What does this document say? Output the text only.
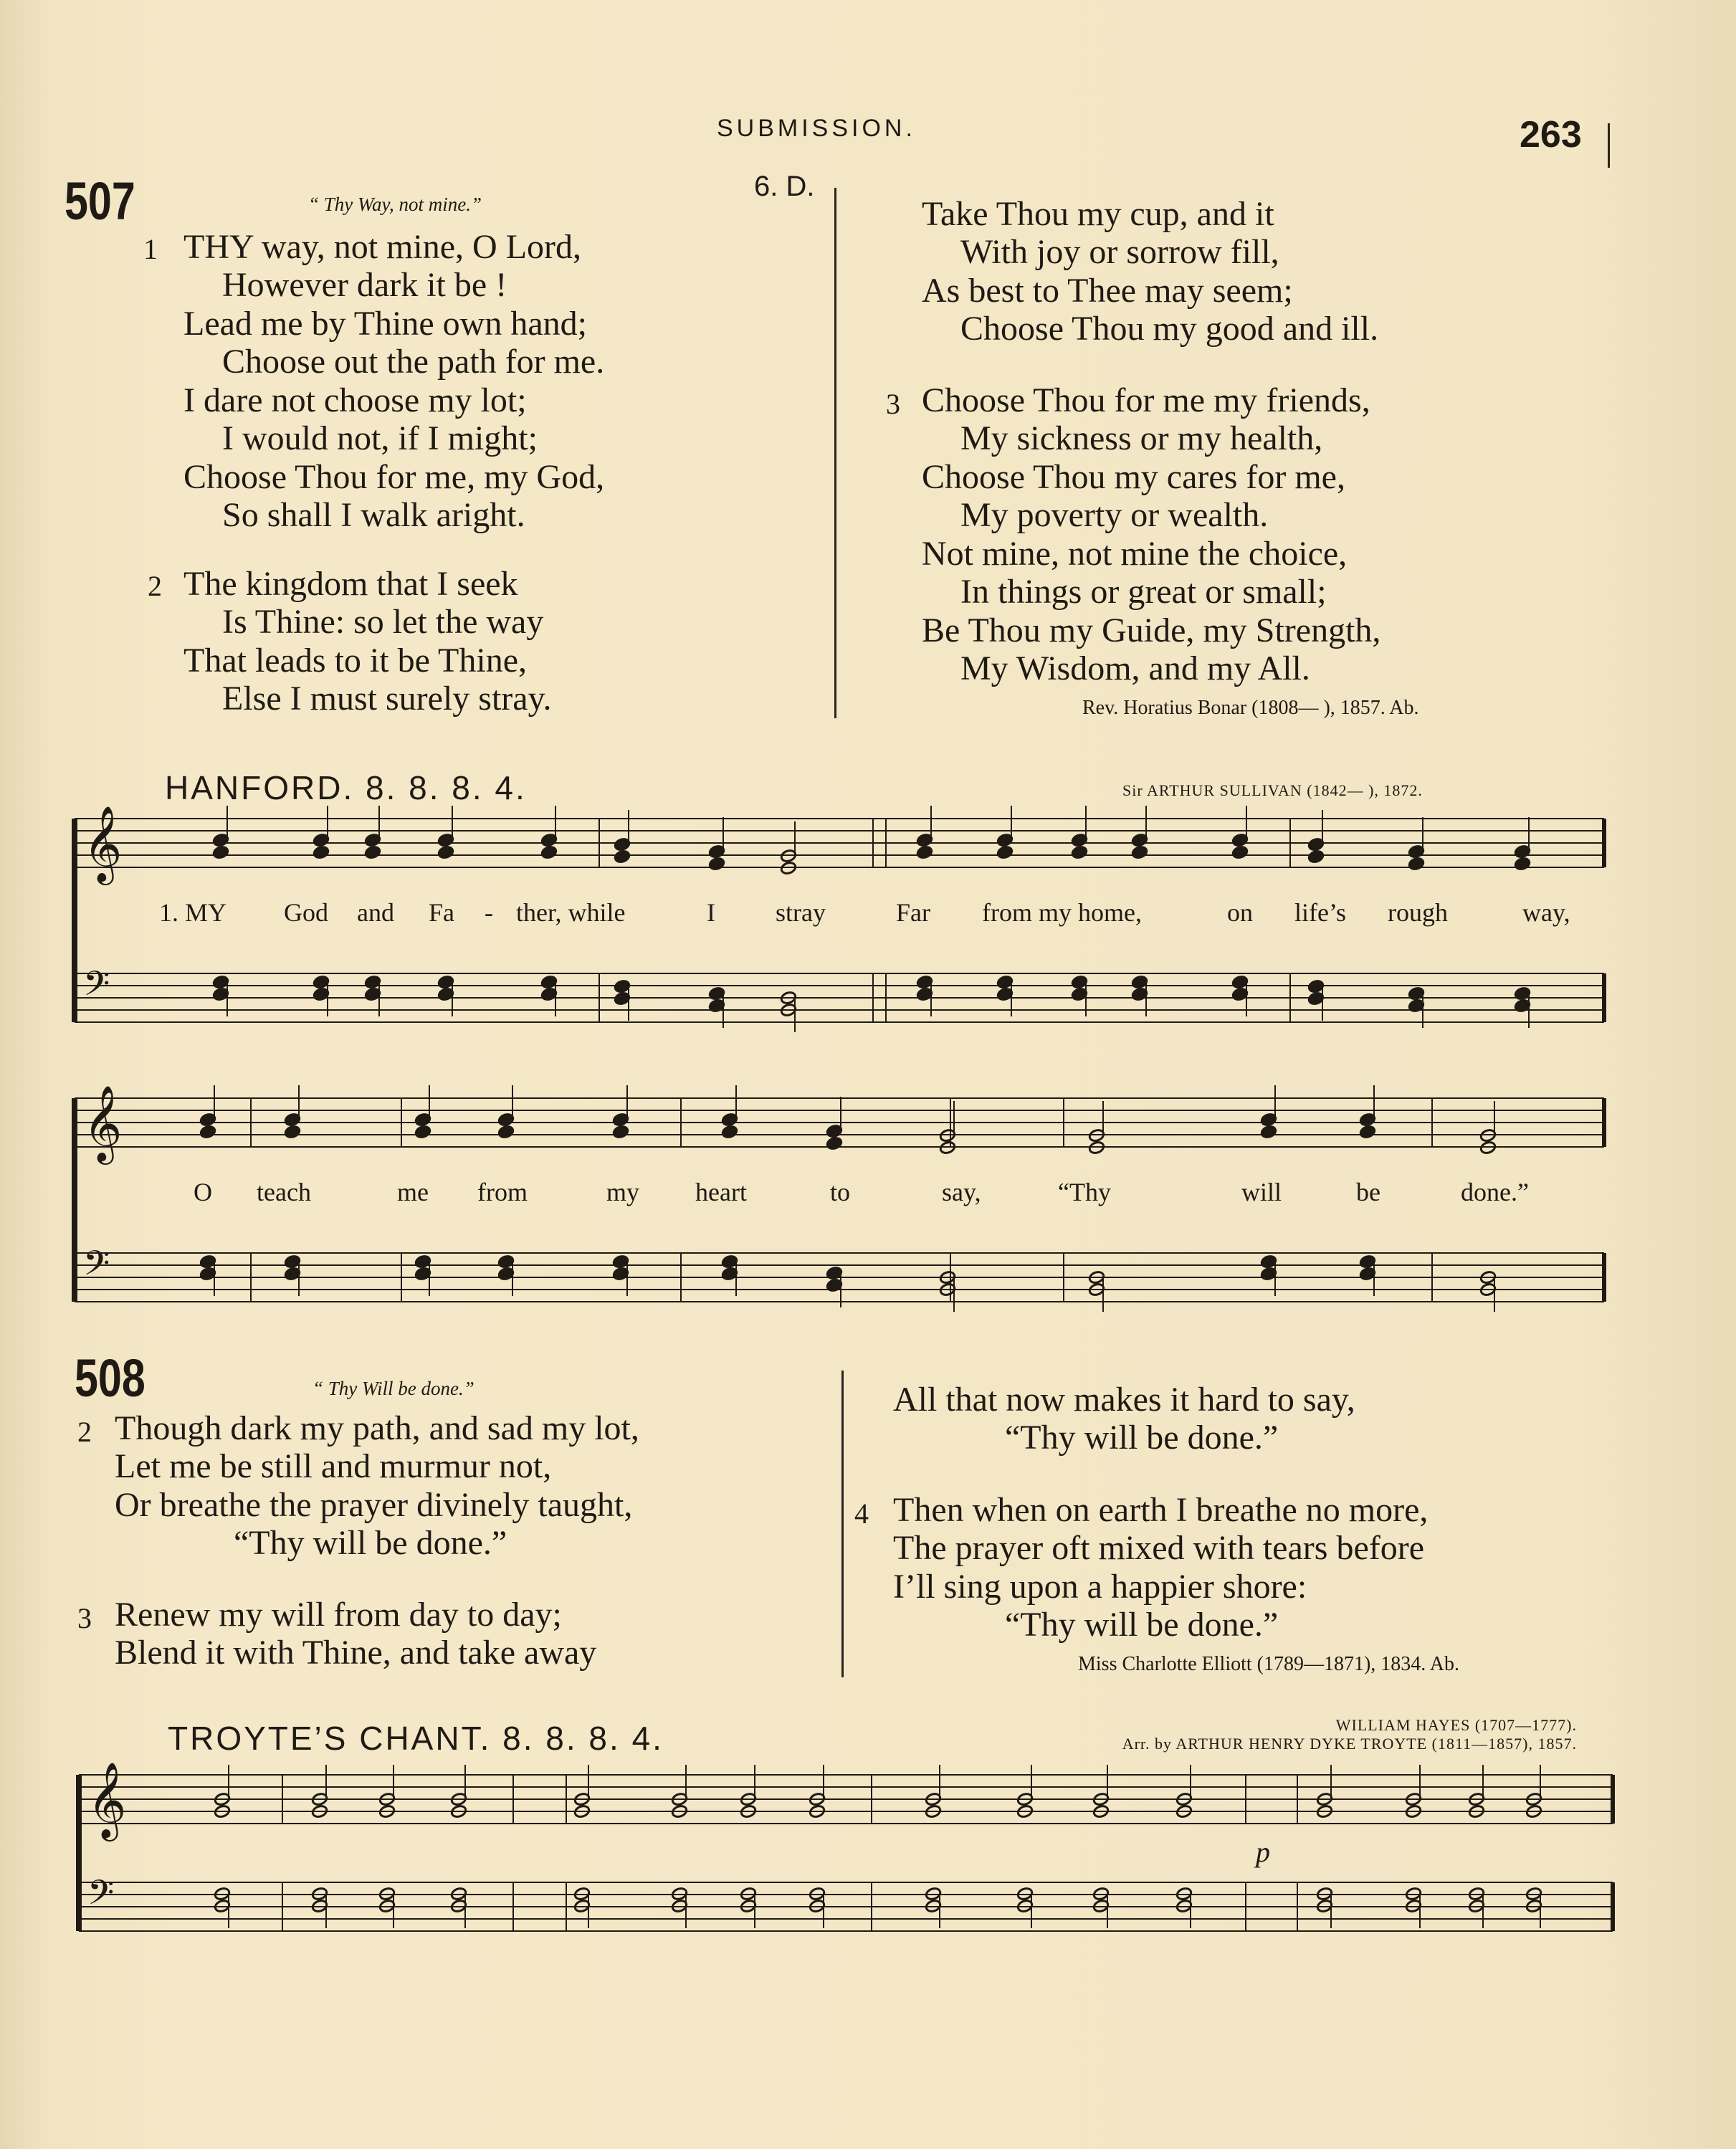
SUBMISSION.	263
507	“ Thy Way, not mine.”
6. D.
1 THY way, not mine, O Lord,
However dark it be !
Lead me by Thine own hand;
Choose out the path for me.
I dare not choose my lot;
I would not, if I might;
Choose Thou for me, my God,
So shall I walk aright.
2 The kingdom that I seek
Is Thine: so let the way
That leads to it be Thine,
Else I must surely stray.
Take Thou my cup, and it
With joy or sorrow fill,
As best to Thee may seem;
Choose Thou my good and ill.
3 Choose Thou for me my friends,
My sickness or my health,
Choose Thou my cares for me,
My poverty or wealth.
Not mine, not mine the choice,
In things or great or small;
Be Thou my Guide, my Strength,
My Wisdom, and my All.
Rev. Horatius Bonar (1808— ), 1857. Ab.
HANFORD. 8. 8. 8. 4.	Sir ARTHUR SULLIVAN (1842— ), 1872.
𝄞
𝄢
𝄞
𝄢
𝄞
𝄢
1. MY God and Fa - ther, while	I stray	Far from my home,	on life’s rough	way,
O teach	me from	my heart	to	say,	“Thy	will	be	done.”
508	“ Thy Will be done.”
2 Though dark my path, and sad my lot,
Let me be still and murmur not,
Or breathe the prayer divinely taught,
“Thy will be done.”
3 Renew my will from day to day;
Blend it with Thine, and take away
All that now makes it hard to say,
“Thy will be done.”
4 Then when on earth I breathe no more,
The prayer oft mixed with tears before
I’ll sing upon a happier shore:
“Thy will be done.”
Miss Charlotte Elliott (1789—1871), 1834. Ab.
TROYTE’S CHANT. 8. 8. 8. 4.	WILLIAM HAYES (1707—1777).
Arr. by ARTHUR HENRY DYKE TROYTE (1811—1857), 1857.
p
